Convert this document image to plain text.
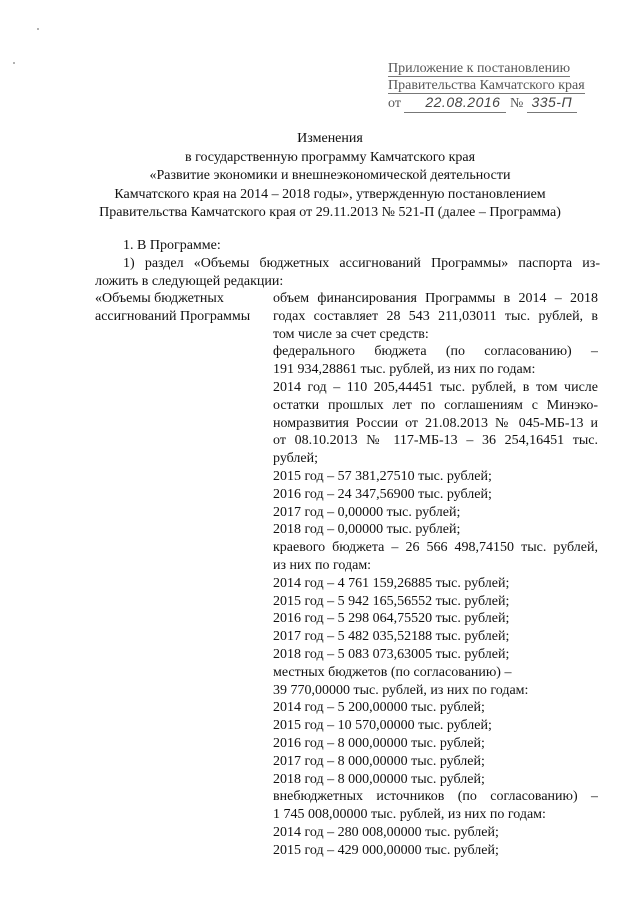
Приложение к постановлению
Правительства Камчатского края
от 22.08.2016 № 335-П
Изменения
в государственную программу Камчатского края
«Развитие экономики и внешнеэкономической деятельности
Камчатского края на 2014 – 2018 годы», утвержденную постановлением
Правительства Камчатского края от 29.11.2013 № 521-П (далее – Программа)
1. В Программе:
1) раздел «Объемы бюджетных ассигнований Программы» паспорта из-
ложить в следующей редакции:
«Объемы бюджетных
ассигнований Программы
объем финансирования Программы в 2014 – 2018
годах составляет 28 543 211,03011 тыс. рублей, в
том числе за счет средств:
федерального бюджета (по согласованию) –
191 934,28861 тыс. рублей, из них по годам:
2014 год – 110 205,44451 тыс. рублей, в том числе
остатки прошлых лет по соглашениям с Минэко-
номразвития России от 21.08.2013 № 045-МБ-13 и
от 08.10.2013 № 117-МБ-13 – 36 254,16451 тыс.
рублей;
2015 год – 57 381,27510 тыс. рублей;
2016 год – 24 347,56900 тыс. рублей;
2017 год – 0,00000 тыс. рублей;
2018 год – 0,00000 тыс. рублей;
краевого бюджета – 26 566 498,74150 тыс. рублей,
из них по годам:
2014 год – 4 761 159,26885 тыс. рублей;
2015 год – 5 942 165,56552 тыс. рублей;
2016 год – 5 298 064,75520 тыс. рублей;
2017 год – 5 482 035,52188 тыс. рублей;
2018 год – 5 083 073,63005 тыс. рублей;
местных бюджетов (по согласованию) –
39 770,00000 тыс. рублей, из них по годам:
2014 год – 5 200,00000 тыс. рублей;
2015 год – 10 570,00000 тыс. рублей;
2016 год – 8 000,00000 тыс. рублей;
2017 год – 8 000,00000 тыс. рублей;
2018 год – 8 000,00000 тыс. рублей;
внебюджетных источников (по согласованию) –
1 745 008,00000 тыс. рублей, из них по годам:
2014 год – 280 008,00000 тыс. рублей;
2015 год – 429 000,00000 тыс. рублей;
